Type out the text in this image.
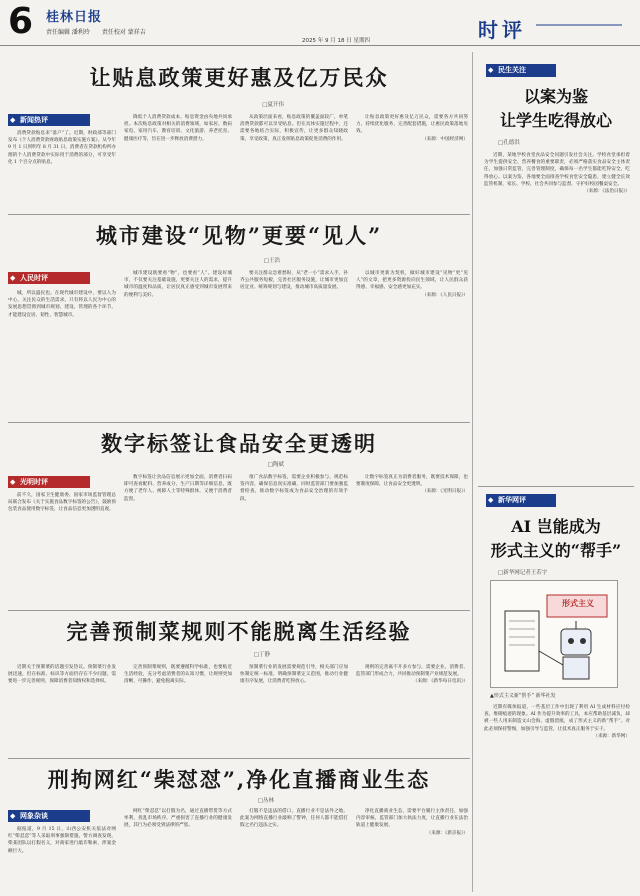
6 桂林日报
责任编辑 潘利玲 责任校对 蒙祥吉
2025 年 9 月 18 日 星期四	时评
让贴息政策更好惠及亿万民众
□夏开伟
◆ 新闻热评

消费贷款贴息来“落户”了。近期，财政部等部门发布《个人消费贷款财政贴息政策实施方案》，从今年 9 月 1 日到明年 8 月 31 日，消费者在贷款机构所办理的个人消费贷款中实际用于消费的部分，可享受年化 1 个百分点的贴息。

降低个人消费贷款成本，贴息资金由央地共同承担。本次贴息政策对相关的消费领域，如家居、数码家电、家用汽车、教育培训、文化旅游、养老托育、健康医疗等，旨在进一步释放消费潜力。

从政策层面来看，贴息政策的覆盖面较广，单笔消费贷款都可以享受贴息。但在具体实施过程中，还需要各地结合实际，积极宣传，让更多群众知晓政策、享受政策，真正发挥贴息政策促进消费的作用。

让贴息政策更好惠及亿万民众，需要各方共同努力，持续优化服务，完善配套措施，让惠民政策落地见效。

（来源：中国经济网）
城市建设“见物”更要“见人”
□王浩
◆ 人民时评

城，所以盛民也。在现代城市建设中，要以人为中心，关注民众的生活需求。只有将以人民为中心的发展思想贯彻到城市规划、建设、管理的各个环节，才能建设宜居、韧性、智慧城市。

城市建设既要看“物”，也要看“人”。建设好城市，不仅要关注基础设施，更要关注人的需求，提升城市的温度和品质，让居民真正感受到城市发展带来的便利与美好。

要关注群众急难愁盼，从“老一小”需求入手，补齐公共服务短板，完善社区服务设施，让城市更加宜居宜业。统筹规划与建设，推动城市高质量发展。

以城市更新为契机，做好城市建设“见物”更“见人”的文章，把更多资源投向民生领域，让人民群众获得感、幸福感、安全感更加充实。

（来源：《人民日报》）
数字标签让食品安全更透明
□陶斌
◆ 光明时评

前不久，国家卫生健康委、国家市场监督管理总局联合发布《关于实施食品数字标签的公告》，鼓励预包装食品使用数字标签，让食品信息更加透明直观。

数字标签让食品信息展示更加全面，消费者扫码即可查看配料、营养成分、生产日期等详细信息，既方便了老年人、视障人士等特殊群体，又便于消费者监督。

推广食品数字标签，需要企业积极参与，规范标签内容，确保信息真实准确，同时监管部门要加强监督检查，推动数字标签成为食品安全治理的有效手段。

让数字标签真正为消费者服务，既要技术保障，也要制度保障，让食品安全更透明。

（来源：《光明日报》）
完善预制菜规则不能脱离生活经验
□丁静

近期关于预制菜的话题引发热议。预制菜行业发展迅速，但在标准、标识等方面仍存在不少问题，需要进一步完善规则，保障消费者知情权和选择权。

完善预制菜规则，既要遵循科学标准，也要贴近生活经验，充分考虑消费者的认知习惯，让规则更加清晰、可操作，避免脱离实际。

预制菜行业的发展需要规范引导，相关部门应加快制定统一标准，明确预制菜定义范围，推动行业健康有序发展，让消费者吃得放心。

规则的完善离不开多方参与，需要企业、消费者、监管部门形成合力，共同推动预制菜产业规范发展。

（来源：《新华每日电讯》）
刑拘网红“柴怼怼”,净化直播商业生态
□丛林
◆ 网象杂谈

据报道，9 月 15 日，山西公安机关依法对网红“柴怼怼”等人采取刑事强制措施。警方调查发现，柴某团队以打假名义，对商家进行敲诈勒索，涉案金额巨大。

网红“柴怼怼”以打假为名，通过直播带货等方式牟利，扰乱市场秩序，严重损害了直播行业的健康发展，其行为必须受到法律的严惩。

打假不是违法的借口，直播行业不是法外之地。此案为网络直播行业敲响了警钟，任何人都不能借打假之名行违法之实。

净化直播商业生态，需要平台履行主体责任，加强内容审核，监管部门加大执法力度，让直播行业在法治轨道上健康发展。

（来源：《新京报》）
◆ 民生关注
以案为鉴
让学生吃得放心
□孔德洪

近期，某地学校食堂食品安全问题引发社会关注。学校食堂承担着为学生提供安全、营养餐食的重要职责，必须严格落实食品安全主体责任，加强日常监管，完善管理制度，确保每一名学生都能吃得安全、吃得放心。以案为鉴，各地要全面排查学校食堂安全隐患，建立健全长效监管机制，家长、学校、社会共同参与监督，守护好校园餐桌安全。

（来源：《法治日报》）
◆ 新华网评
AI 岂能成为
形式主义的“帮手”
□新华网记者王若宇
形式主义
▲形式主义新“帮手” 新华社发

近期有媒体报道，一些基层工作中出现了利用 AI 生成材料应付检查、堆砌痕迹的现象。AI 作为提升效率的工具，本应帮助基层减负，却被一些人用来制造文山会海、虚假留痕，成了形式主义的新“帮手”。对此必须保持警惕，加强引导与监管，让技术真正服务于实干。

（来源：新华网）
